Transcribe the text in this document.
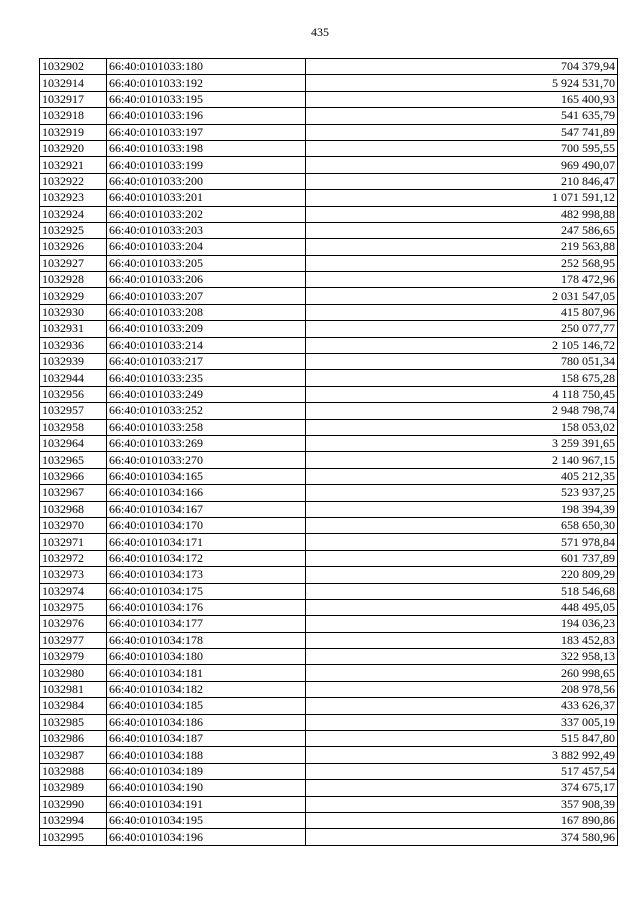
435
1032902	66:40:0101033:180	704 379,94
1032914	66:40:0101033:192	5 924 531,70
1032917	66:40:0101033:195	165 400,93
1032918	66:40:0101033:196	541 635,79
1032919	66:40:0101033:197	547 741,89
1032920	66:40:0101033:198	700 595,55
1032921	66:40:0101033:199	969 490,07
1032922	66:40:0101033:200	210 846,47
1032923	66:40:0101033:201	1 071 591,12
1032924	66:40:0101033:202	482 998,88
1032925	66:40:0101033:203	247 586,65
1032926	66:40:0101033:204	219 563,88
1032927	66:40:0101033:205	252 568,95
1032928	66:40:0101033:206	178 472,96
1032929	66:40:0101033:207	2 031 547,05
1032930	66:40:0101033:208	415 807,96
1032931	66:40:0101033:209	250 077,77
1032936	66:40:0101033:214	2 105 146,72
1032939	66:40:0101033:217	780 051,34
1032944	66:40:0101033:235	158 675,28
1032956	66:40:0101033:249	4 118 750,45
1032957	66:40:0101033:252	2 948 798,74
1032958	66:40:0101033:258	158 053,02
1032964	66:40:0101033:269	3 259 391,65
1032965	66:40:0101033:270	2 140 967,15
1032966	66:40:0101034:165	405 212,35
1032967	66:40:0101034:166	523 937,25
1032968	66:40:0101034:167	198 394,39
1032970	66:40:0101034:170	658 650,30
1032971	66:40:0101034:171	571 978,84
1032972	66:40:0101034:172	601 737,89
1032973	66:40:0101034:173	220 809,29
1032974	66:40:0101034:175	518 546,68
1032975	66:40:0101034:176	448 495,05
1032976	66:40:0101034:177	194 036,23
1032977	66:40:0101034:178	183 452,83
1032979	66:40:0101034:180	322 958,13
1032980	66:40:0101034:181	260 998,65
1032981	66:40:0101034:182	208 978,56
1032984	66:40:0101034:185	433 626,37
1032985	66:40:0101034:186	337 005,19
1032986	66:40:0101034:187	515 847,80
1032987	66:40:0101034:188	3 882 992,49
1032988	66:40:0101034:189	517 457,54
1032989	66:40:0101034:190	374 675,17
1032990	66:40:0101034:191	357 908,39
1032994	66:40:0101034:195	167 890,86
1032995	66:40:0101034:196	374 580,96
